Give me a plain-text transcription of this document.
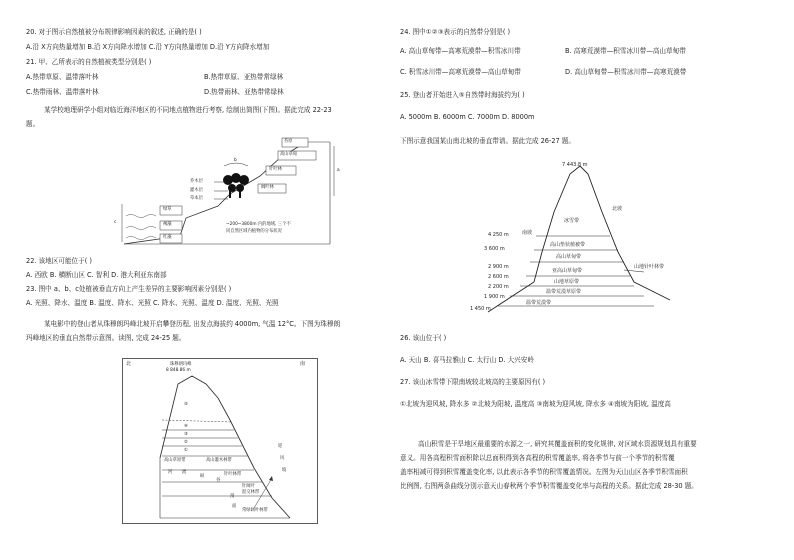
20. 对于图示自然植被分布规律影响因素的叙述, 正确的是( )
A.沿 X方向热量增加 B.沿 X方向降水增加 C.沿 Y方向热量增加 D.沿 Y方向降水增加
21. 甲、乙所表示的自然植被类型分别是( )
A.热带草原、温带落叶林	B.热带草原、亚热带常绿林
C.热带雨林、温带落叶林	D.热带雨林、亚热带常绿林
某学校地理研学小组对临近海洋地区的不同地点植物进行考察, 绘制出简图(下图)。据此完成 22-23
题。
苔原
高山草甸
针叶林
阔叶林
乔木层
灌木层
草本层
绿草
褐藻
红藻
b
a
c	~200~3800m 内的地域, 三个不
同自然区域内植物的分布状况
22. 该地区可能位于( )
A. 西欧 B. 横断山区 C. 智利 D. 港大利亚东南部
23. 图中 a、b、c处植被垂直方向上产生差异的主要影响因素分别是( )
A. 光照、降水、温度 B. 温度、降水、光照 C. 降水、光照、温度 D. 温度、光照、光照
某电影中的登山者从珠穆朗玛峰北坡开启攀登历程, 出发点海拔约 4000m, 气温 12°C。下图为珠穆朗
玛峰地区的垂直自然带示意图。读图, 完成 24-25 题。
北	南
珠穆朗玛峰
8 848.86 m
⑤
④
③
②
①
高山草原带	高山灌木林带
针叶林带
针阔叶
混交林带
常绿阔叶林带
河 流
纵
谷
迎
风
坡
剖
面
24. 图中①②③表示的自然带分别是( )
A. 高山草甸带—高寒荒漠带—积雪冰川带	B. 高寒荒漠带—积雪冰川带—高山草甸带
C. 积雪冰川带—高寒荒漠带—高山草甸带	D. 高山草甸带—积雪冰川带—高寒荒漠带
25. 登山者开始进入⑤自然带时海拔约为( )
A. 5000m B. 6000m C. 7000m D. 8000m
下图示意我国某山南北坡的垂直带谱。据此完成 26-27 题。
7 443.8 m
南坡
北坡
冰雪带
高山垫状植被带
高山草甸带
亚高山草甸带
山地草原带
温带荒漠草原带
温带荒漠带
山地针叶林带
4 250 m
3 600 m
2 900 m
2 600 m
2 200 m
1 900 m
1 450 m
26. 该山位于( )
A. 天山 B. 喜马拉雅山 C. 太行山 D. 大兴安岭
27. 该山冰雪带下限南坡较北坡高的主要原因有( )
①北坡为迎风坡, 降水多 ②北坡为阳坡, 温度高 ③南坡为迎风坡, 降水多 ④南坡为阳坡, 温度高
高山积雪是干旱地区最重要的水源之一, 研究其覆盖面积的变化规律, 对区域水资源规划具有重要
意义。用各高程积雪面积除以总面积得到各高程的积雪覆盖率, 将各季节与前一个季节的积雪覆
盖率相减可得到积雪覆盖变化率, 以此表示各季节的积雪覆盖情况。左图为天山山区各季节积雪面积
比例图, 右图两条曲线分别示意天山春秋两个季节积雪覆盖变化率与高程的关系。据此完成 28-30 题。
